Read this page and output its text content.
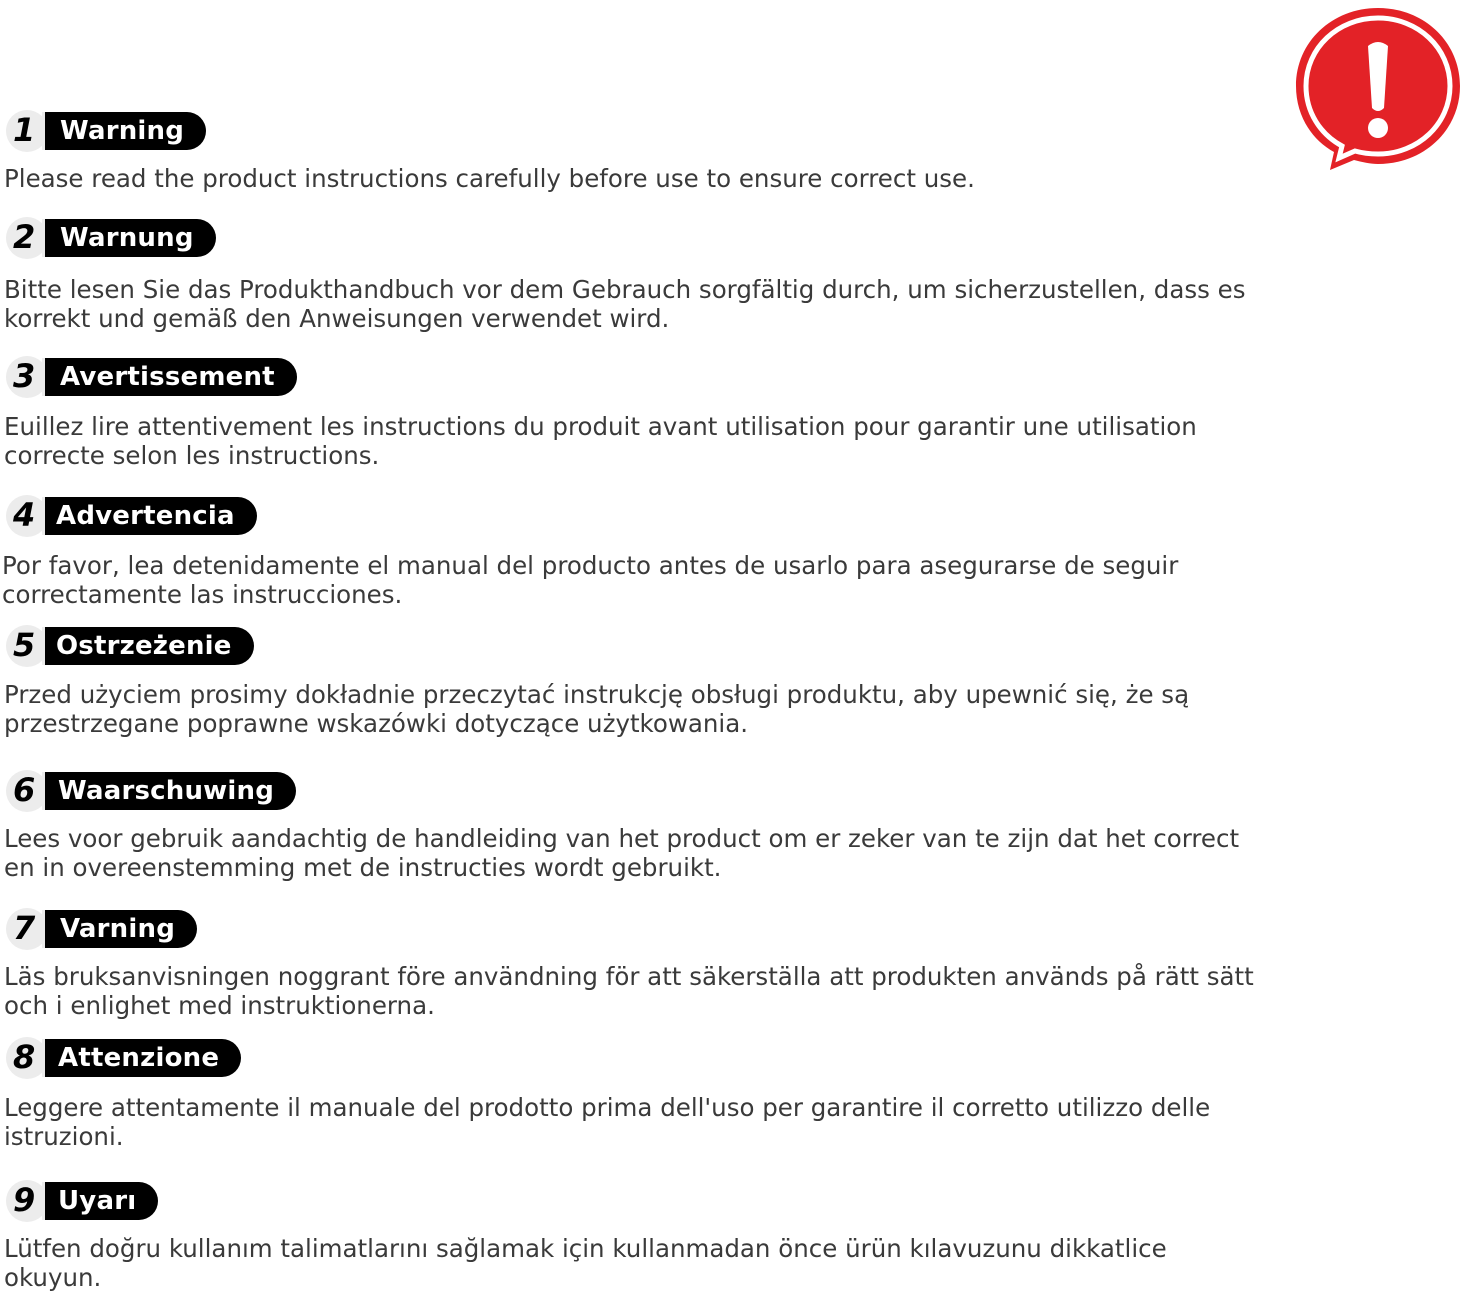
1 Warning

Please read the product instructions carefully before use to ensure correct use.

2 Warnung

Bitte lesen Sie das Produkthandbuch vor dem Gebrauch sorgfältig durch, um sicherzustellen, dass es korrekt und gemäß den Anweisungen verwendet wird.

3 Avertissement

Euillez lire attentivement les instructions du produit avant utilisation pour garantir une utilisation correcte selon les instructions.

4 Advertencia

Por favor, lea detenidamente el manual del producto antes de usarlo para asegurarse de seguir correctamente las instrucciones.

5 Ostrzeżenie

Przed użyciem prosimy dokładnie przeczytać instrukcję obsługi produktu, aby upewnić się, że są przestrzegane poprawne wskazówki dotyczące użytkowania.

6 Waarschuwing

Lees voor gebruik aandachtig de handleiding van het product om er zeker van te zijn dat het correct en in overeenstemming met de instructies wordt gebruikt.

7 Varning

Läs bruksanvisningen noggrant före användning för att säkerställa att produkten används på rätt sätt och i enlighet med instruktionerna.

8 Attenzione

Leggere attentamente il manuale del prodotto prima dell'uso per garantire il corretto utilizzo delle istruzioni.

9 Uyarı

Lütfen doğru kullanım talimatlarını sağlamak için kullanmadan önce ürün kılavuzunu dikkatlice okuyun.
